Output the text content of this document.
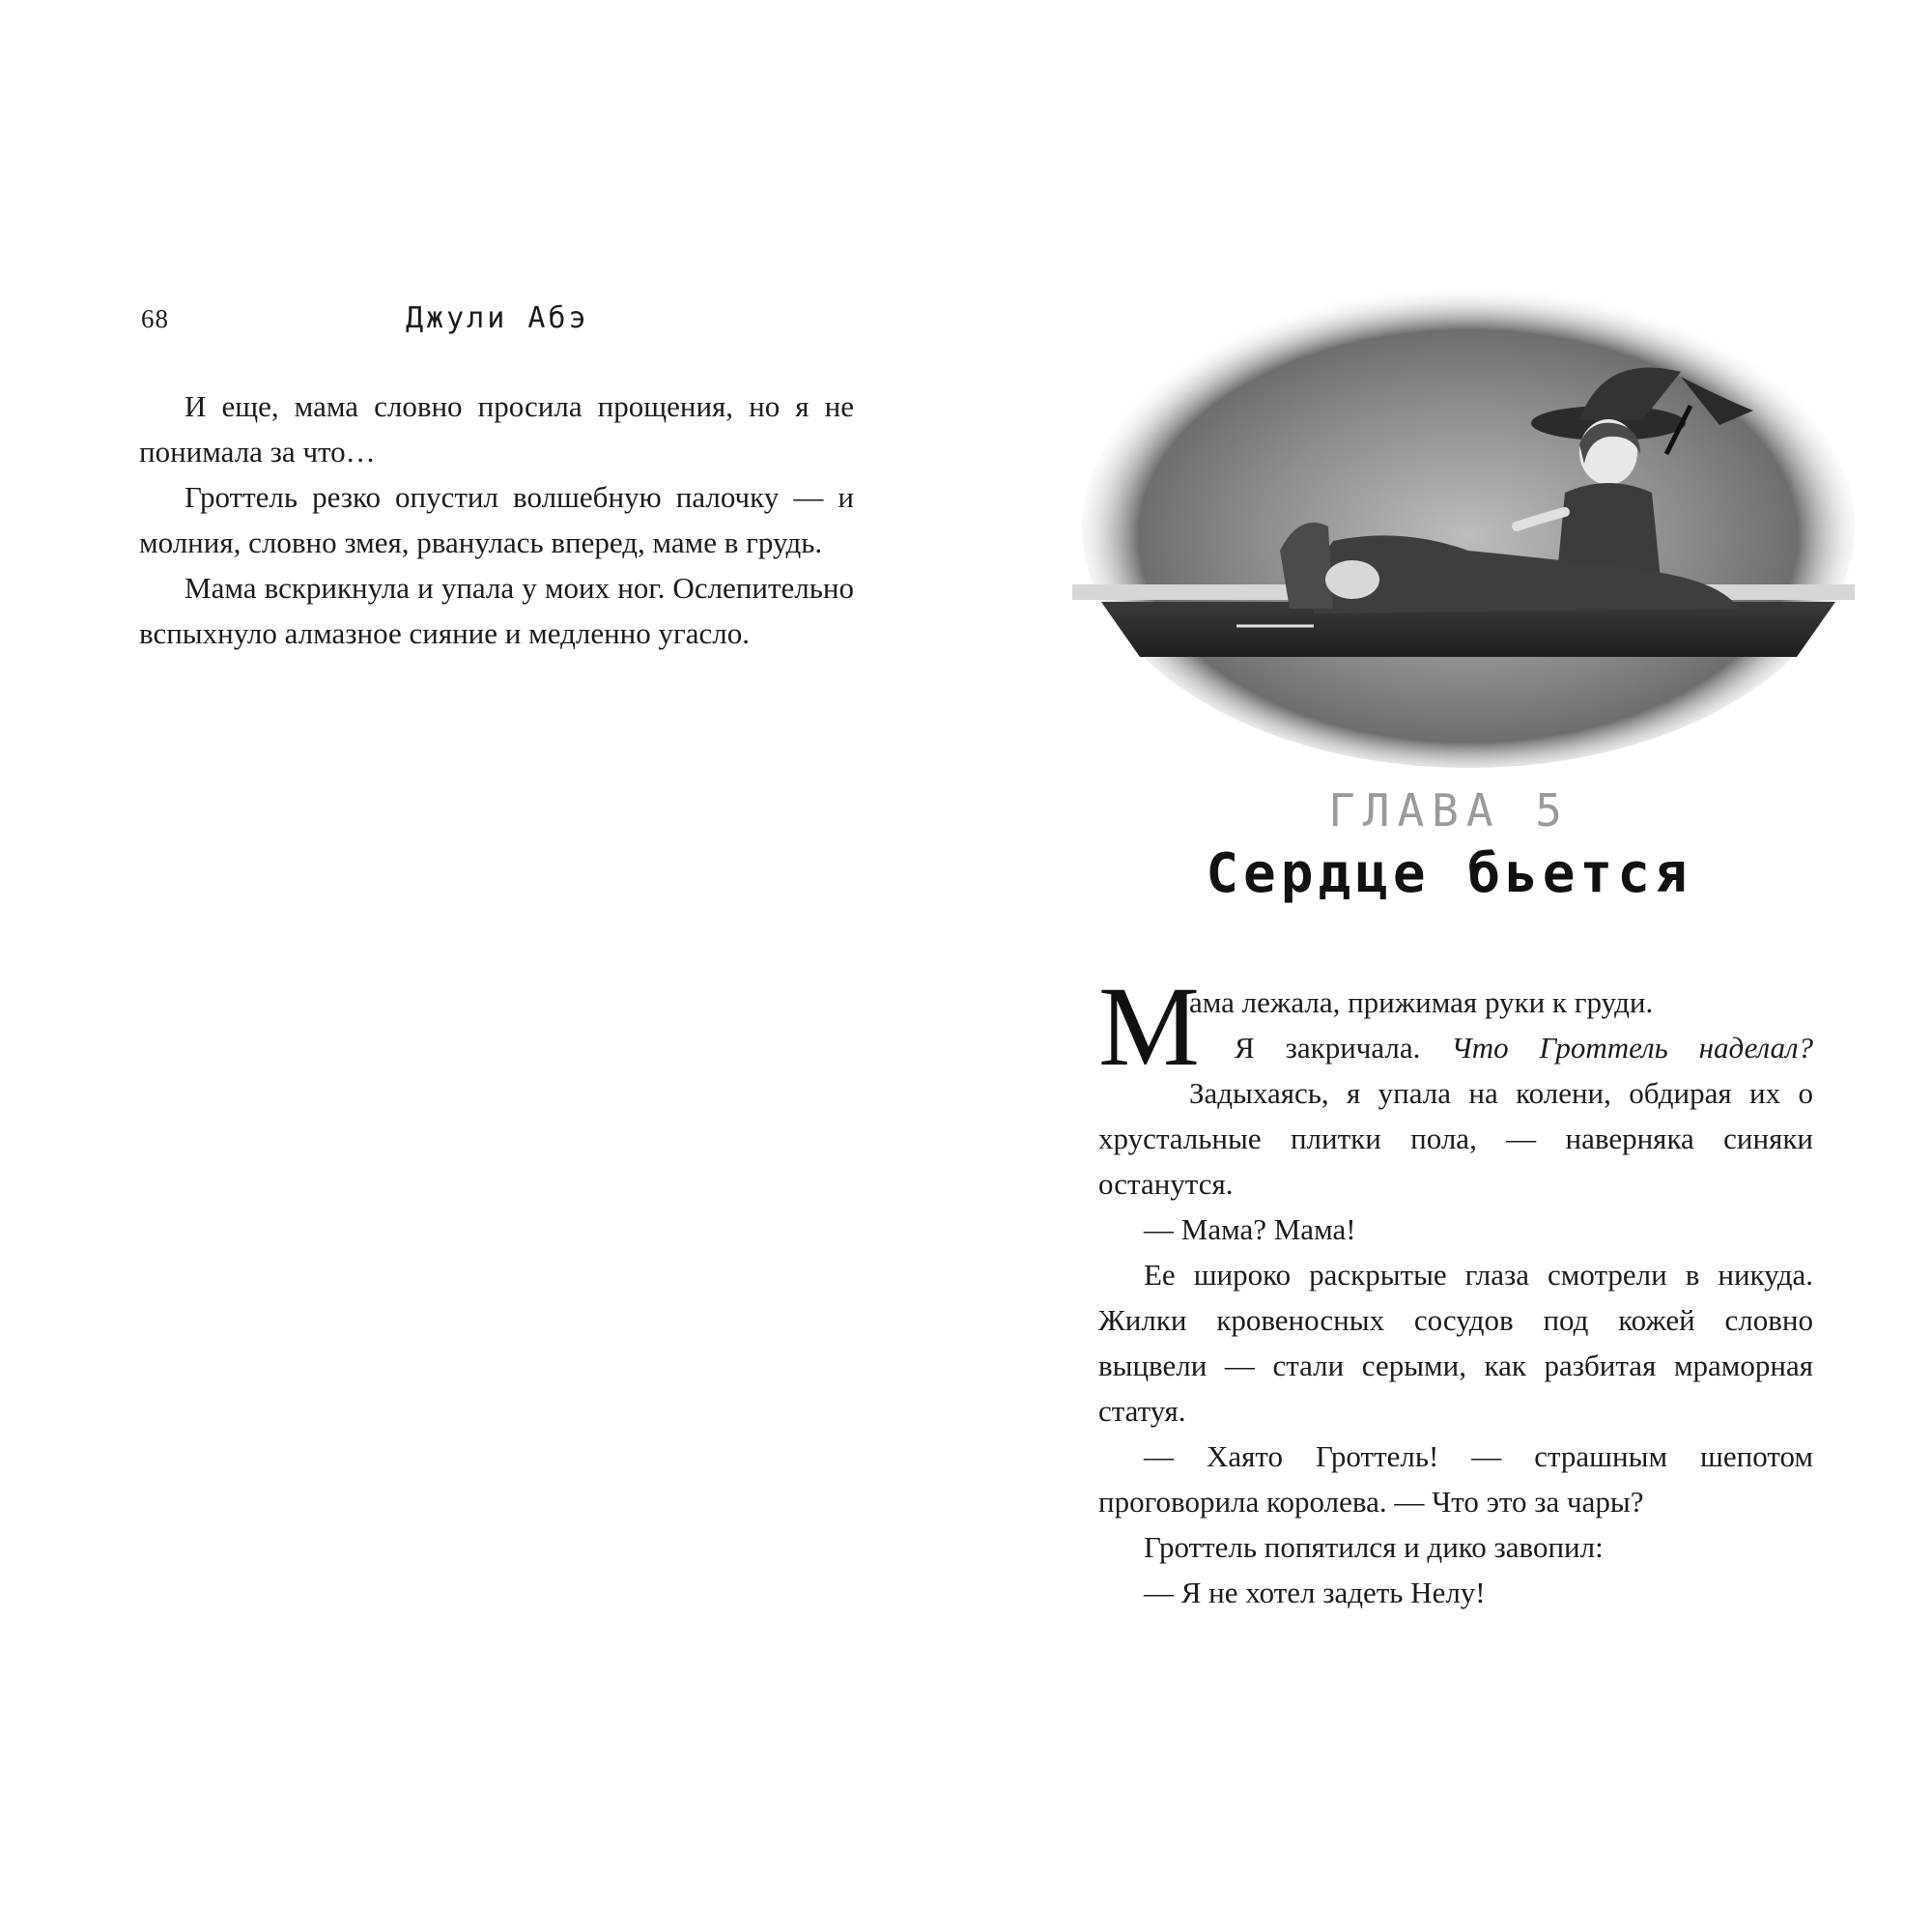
68	Джули Абэ

И еще, мама словно просила прощения, но я не понимала за что…

Гроттель резко опустил волшебную палочку — и молния, словно змея, рванулась вперед, маме в грудь.

Мама вскрикнула и упала у моих ног. Ослепительно вспыхнуло алмазное сияние и медленно угасло.

ГЛАВА 5
Сердце бьется

М
ама лежала, прижимая руки к груди.

Я закричала. Что Гроттель наделал? Задыхаясь, я упала на колени, обдирая их о хрустальные плитки пола, — наверняка синяки останутся.

— Мама? Мама!

Ее широко раскрытые глаза смотрели в никуда. Жилки кровеносных сосудов под кожей словно выцвели — стали серыми, как разбитая мраморная статуя.

— Хаято Гроттель! — страшным шепотом проговорила королева. — Что это за чары?

Гроттель попятился и дико завопил:

— Я не хотел задеть Нелу!
